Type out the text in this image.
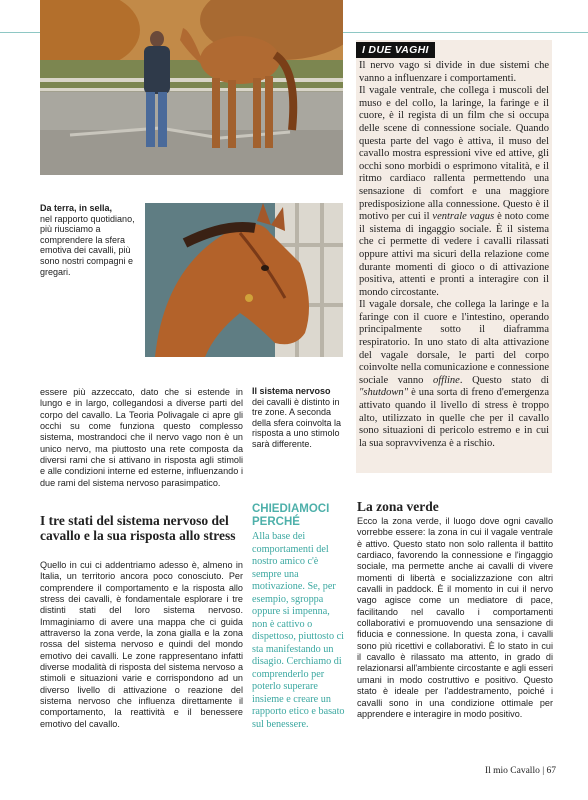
Da terra, in sella,
nel rapporto quotidiano, più riusciamo a comprendere la sfera emotiva dei cavalli, più sono nostri compagni e gregari.
Il sistema nervoso
dei cavalli è distinto in tre zone. A seconda della sfera coinvolta la risposta a uno stimolo sarà differente.

essere più azzeccato, dato che si estende in lungo e in largo, collegandosi a diverse parti del corpo del cavallo. La Teoria Polivagale ci apre gli occhi su come funziona questo complesso sistema, mostrandoci che il nervo vago non è un unico nervo, ma piuttosto una rete composta da diversi rami che si attivano in risposta agli stimoli e alle condizioni interne ed esterne, influenzando i due rami del sistema nervoso parasimpatico.

I tre stati del sistema nervoso del cavallo e la sua risposta allo stress

Quello in cui ci addentriamo adesso è, almeno in Italia, un territorio ancora poco conosciuto. Per comprendere il comportamento e la risposta allo stress dei cavalli, è fondamentale esplorare i tre distinti stati del loro sistema nervoso. Immaginiamo di avere una mappa che ci guida attraverso la zona verde, la zona gialla e la zona rossa del sistema nervoso e quindi del mondo emotivo dei cavalli. Le zone rappresentano infatti diverse modalità di risposta del sistema nervoso a stimoli e situazioni varie e corrispondono ad un diverso livello di attivazione o reazione del sistema nervoso che influenza direttamente il comportamento, la reattività e il benessere emotivo del cavallo.

CHIEDIAMOCI PERCHÉ

Alla base dei comportamenti del nostro amico c'è sempre una motivazione. Se, per esempio, sgroppa oppure si impenna, non è cattivo o dispettoso, piuttosto ci sta manifestando un disagio. Cerchiamo di comprenderlo per poterlo superare insieme e creare un rapporto etico e basato sul benessere.

I DUE VAGHI

Il nervo vago si divide in due sistemi che vanno a influenzare i comportamenti.

Il vagale ventrale, che collega i muscoli del muso e del collo, la laringe, la faringe e il cuore, è il regista di un film che si occupa delle scene di connessione sociale. Quando questa parte del vago è attiva, il muso del cavallo mostra espressioni vive ed attive, gli occhi sono morbidi o esprimono vitalità, e il ritmo cardiaco rallenta permettendo una sensazione di comfort e una maggiore predisposizione alla connessione. Questo è il motivo per cui il ventrale vagus è noto come il sistema di ingaggio sociale. È il sistema che ci permette di vedere i cavalli rilassati oppure attivi ma sicuri della relazione come durante momenti di gioco o di attivazione positiva, attenti e pronti a interagire con il mondo circostante.

Il vagale dorsale, che collega la laringe e la faringe con il cuore e l'intestino, operando principalmente sotto il diaframma respiratorio. In uno stato di alta attivazione del vagale dorsale, le parti del corpo coinvolte nella comunicazione e connessione sociale vanno offline. Questo stato di "shutdown" è una sorta di freno d'emergenza attivato quando il livello di stress è troppo alto, utilizzato in quelle che per il cavallo sono situazioni di pericolo estremo e in cui la sua sopravvivenza è a rischio.

La zona verde

Ecco la zona verde, il luogo dove ogni cavallo vorrebbe essere: la zona in cui il vagale ventrale è attivo. Questo stato non solo rallenta il battito cardiaco, favorendo la connessione e l'ingaggio sociale, ma permette anche ai cavalli di vivere momenti di libertà e socializzazione con altri cavalli in paddock. È il momento in cui il nervo vago agisce come un mediatore di pace, facilitando nel cavallo i comportamenti collaborativi e promuovendo una sensazione di fiducia e connessione. In questa zona, i cavalli sono più ricettivi e collaborativi. È lo stato in cui il cavallo è rilassato ma attento, in grado di relazionarsi all'ambiente circostante e agli esseri umani in modo costruttivo e positivo. Questo stato è ideale per l'addestramento, poiché i cavalli sono in una condizione ottimale per apprendere e interagire in modo positivo.

Il mio Cavallo | 67
